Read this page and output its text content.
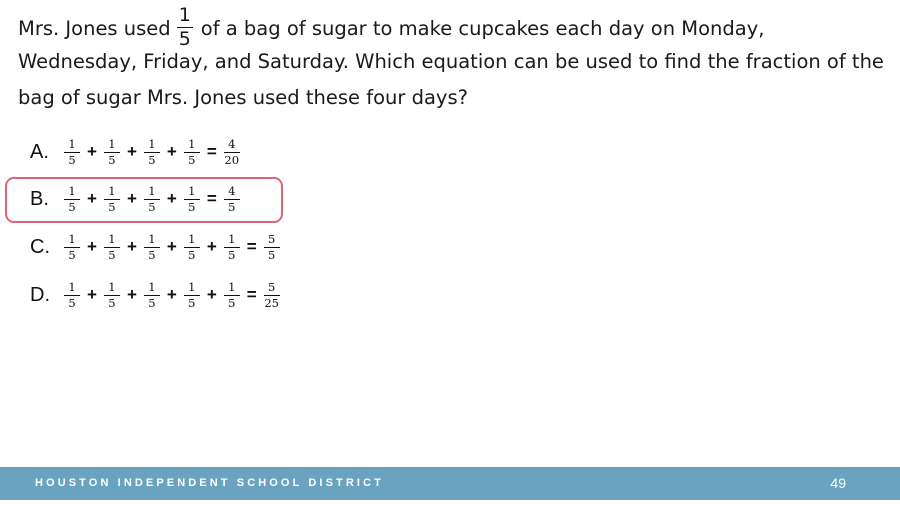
Mrs. Jones used $\frac{1}{5}$ of a bag of sugar to make cupcakes each day on Monday,
Wednesday, Friday, and Saturday. Which equation can be used to find the fraction of the
bag of sugar Mrs. Jones used these four days?
A.	$\frac{1}{5} + \frac{1}{5} + \frac{1}{5} + \frac{1}{5} = \frac{4}{20}$
B.	$\frac{1}{5} + \frac{1}{5} + \frac{1}{5} + \frac{1}{5} = \frac{4}{5}$
C.	$\frac{1}{5} + \frac{1}{5} + \frac{1}{5} + \frac{1}{5} + \frac{1}{5} = \frac{5}{5}$
D.	$\frac{1}{5} + \frac{1}{5} + \frac{1}{5} + \frac{1}{5} + \frac{1}{5} = \frac{5}{25}$
HOUSTON INDEPENDENT SCHOOL DISTRICT	49
